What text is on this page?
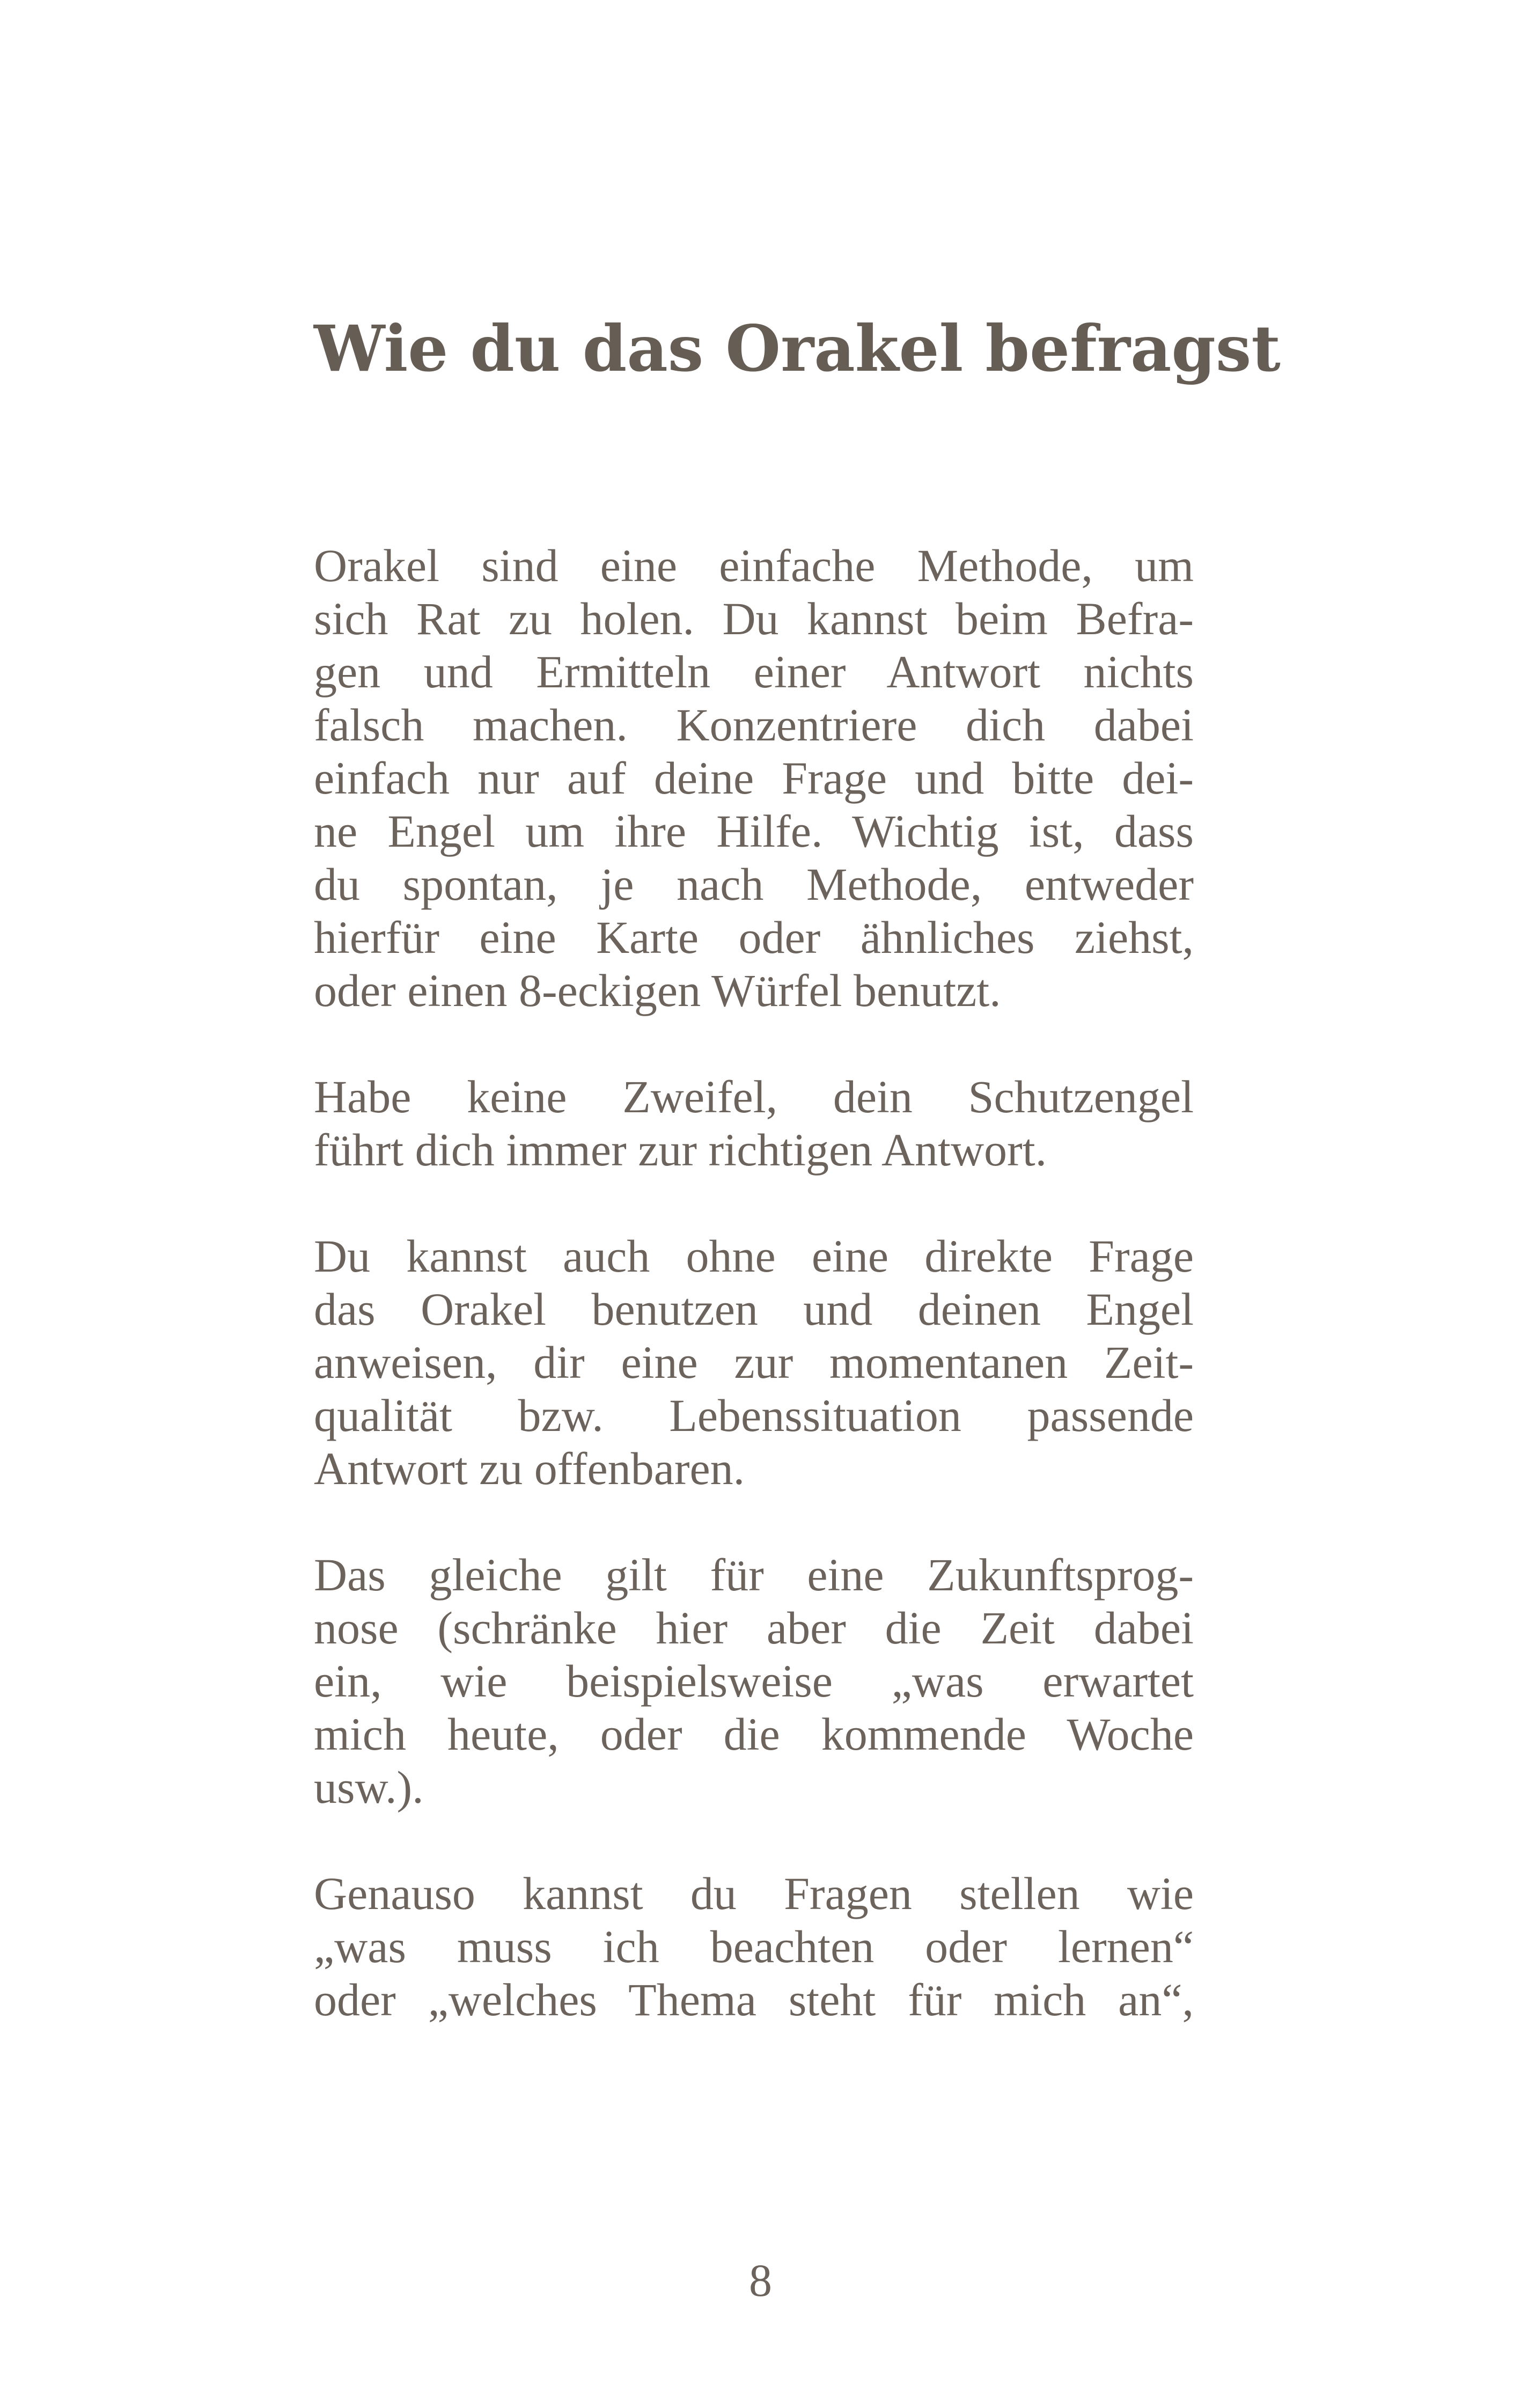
Wie du das Orakel befragst

Orakel sind eine einfache Methode, um
sich Rat zu holen. Du kannst beim Befra-
gen und Ermitteln einer Antwort nichts
falsch machen. Konzentriere dich dabei
einfach nur auf deine Frage und bitte dei-
ne Engel um ihre Hilfe. Wichtig ist, dass
du spontan, je nach Methode, entweder
hierfür eine Karte oder ähnliches ziehst,
oder einen 8-eckigen Würfel benutzt.

Habe keine Zweifel, dein Schutzengel
führt dich immer zur richtigen Antwort.

Du kannst auch ohne eine direkte Frage
das Orakel benutzen und deinen Engel
anweisen, dir eine zur momentanen Zeit-
qualität bzw. Lebenssituation passende
Antwort zu offenbaren.

Das gleiche gilt für eine Zukunftsprog-
nose (schränke hier aber die Zeit dabei
ein, wie beispielsweise „was erwartet
mich heute, oder die kommende Woche
usw.).

Genauso kannst du Fragen stellen wie
„was muss ich beachten oder lernen“
oder „welches Thema steht für mich an“,

8
